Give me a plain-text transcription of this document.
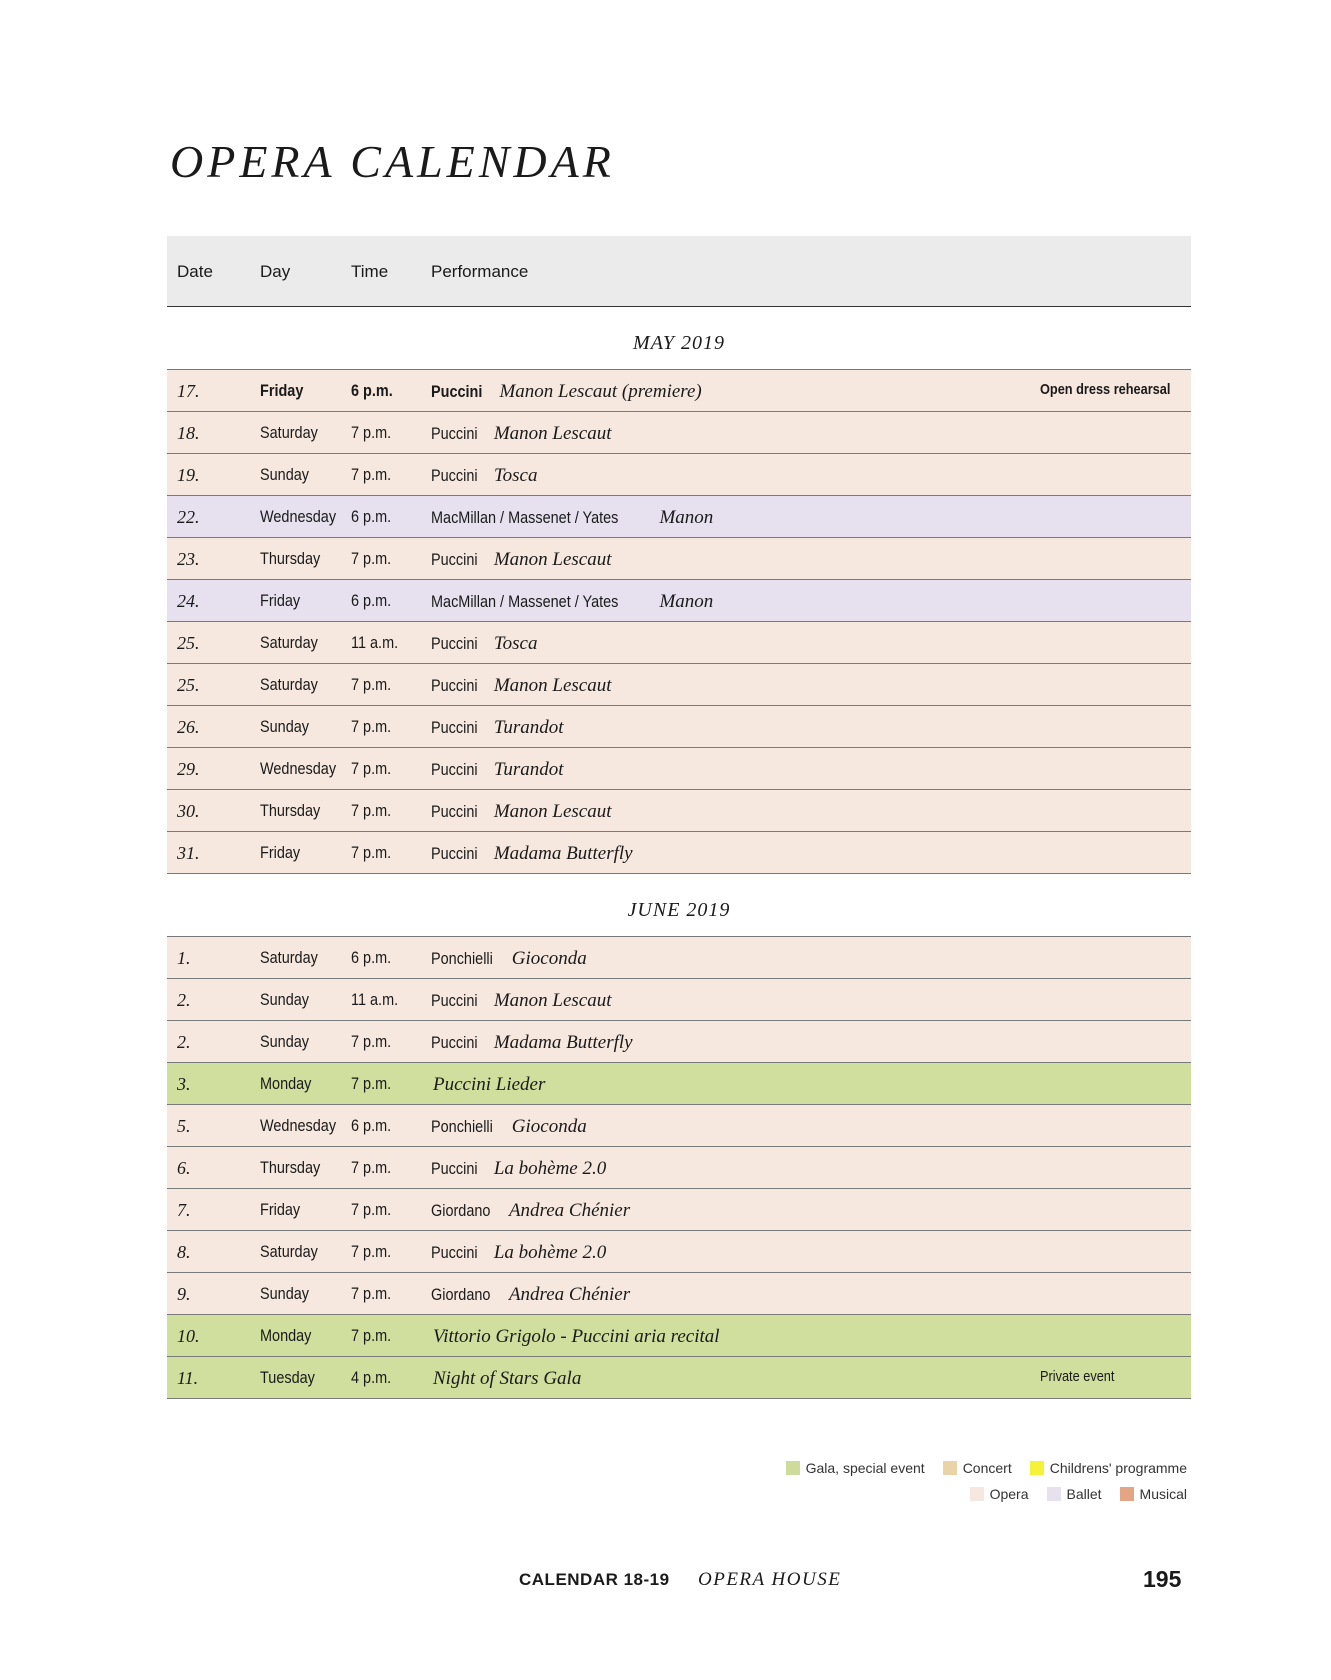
OPERA CALENDAR
Date	Day	Time	Performance
MAY 2019
17.	Friday	6 p.m. Puccini Manon Lescaut (premiere)	Open dress rehearsal
18.	Saturday 7 p.m. Puccini Manon Lescaut
19.	Sunday 7 p.m. Puccini Tosca
22.	Wednesday 6 p.m. MacMillan / Massenet / Yates Manon
23.	Thursday 7 p.m. Puccini Manon Lescaut
24.	Friday	6 p.m. MacMillan / Massenet / Yates Manon
25.	Saturday 11 a.m. Puccini Tosca
25.	Saturday 7 p.m. Puccini Manon Lescaut
26.	Sunday 7 p.m. Puccini Turandot
29.	Wednesday 7 p.m. Puccini Turandot
30.	Thursday 7 p.m. Puccini Manon Lescaut
31.	Friday	7 p.m. Puccini Madama Butterfly
JUNE 2019
1.	Saturday 6 p.m. Ponchielli Gioconda
2.	Sunday 11 a.m. Puccini Manon Lescaut
2.	Sunday 7 p.m. Puccini Madama Butterfly
3.	Monday 7 p.m. Puccini Lieder
5.	Wednesday 6 p.m. Ponchielli Gioconda
6.	Thursday 7 p.m. Puccini La bohème 2.0
7.	Friday	7 p.m. Giordano Andrea Chénier
8.	Saturday 7 p.m. Puccini La bohème 2.0
9.	Sunday 7 p.m. Giordano Andrea Chénier
10.	Monday 7 p.m. Vittorio Grigolo - Puccini aria recital
11.	Tuesday 4 p.m. Night of Stars Gala	Private event
Gala, special event	Concert	Childrens' programme
Opera	Ballet	Musical
CALENDAR 18-19 OPERA HOUSE	195
